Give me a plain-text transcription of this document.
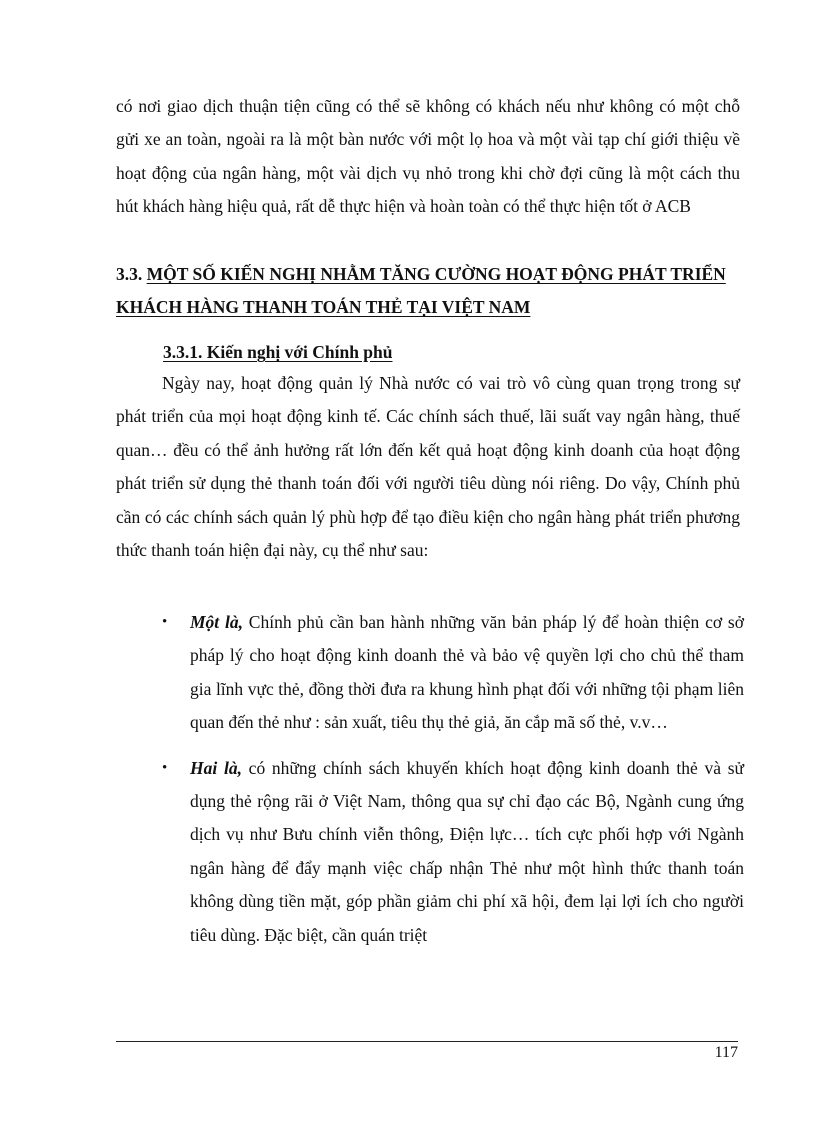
có nơi giao dịch thuận tiện cũng có thể sẽ không có khách nếu như không có một chỗ gửi xe an toàn, ngoài ra là một bàn nước với một lọ hoa và một vài tạp chí giới thiệu về hoạt động của ngân hàng, một vài dịch vụ nhỏ trong khi chờ đợi cũng là một cách thu hút khách hàng hiệu quả, rất dễ thực hiện và hoàn toàn có thể thực hiện tốt ở ACB

3.3. MỘT SỐ KIẾN NGHỊ NHẰM TĂNG CƯỜNG HOẠT ĐỘNG PHÁT TRIỂN KHÁCH HÀNG THANH TOÁN THẺ TẠI VIỆT NAM
3.3.1. Kiến nghị với Chính phủ

Ngày nay, hoạt động quản lý Nhà nước có vai trò vô cùng quan trọng trong sự phát triển của mọi hoạt động kinh tế. Các chính sách thuế, lãi suất vay ngân hàng, thuế quan… đều có thể ảnh hưởng rất lớn đến kết quả hoạt động kinh doanh của hoạt động phát triển sử dụng thẻ thanh toán đối với người tiêu dùng nói riêng. Do vậy, Chính phủ cần có các chính sách quản lý phù hợp để tạo điều kiện cho ngân hàng phát triển phương thức thanh toán hiện đại này, cụ thể như sau:

• Một là, Chính phủ cần ban hành những văn bản pháp lý để hoàn thiện cơ sở pháp lý cho hoạt động kinh doanh thẻ và bảo vệ quyền lợi cho chủ thể tham gia lĩnh vực thẻ, đồng thời đưa ra khung hình phạt đối với những tội phạm liên quan đến thẻ như : sản xuất, tiêu thụ thẻ giả, ăn cắp mã số thẻ, v.v…
• Hai là, có những chính sách khuyến khích hoạt động kinh doanh thẻ và sử dụng thẻ rộng rãi ở Việt Nam, thông qua sự chỉ đạo các Bộ, Ngành cung ứng dịch vụ như Bưu chính viễn thông, Điện lực… tích cực phối hợp với Ngành ngân hàng để đẩy mạnh việc chấp nhận Thẻ như một hình thức thanh toán không dùng tiền mặt, góp phần giảm chi phí xã hội, đem lại lợi ích cho người tiêu dùng. Đặc biệt, cần quán triệt
117
